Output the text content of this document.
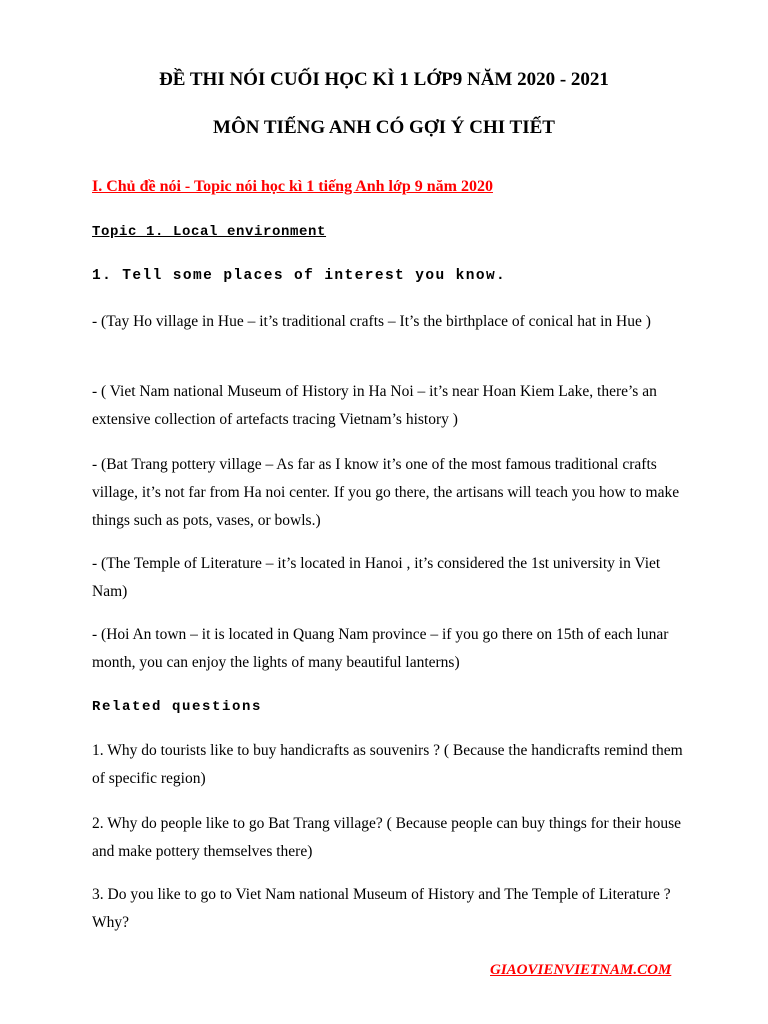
ĐỀ THI NÓI CUỐI HỌC KÌ 1 LỚP9 NĂM 2020 - 2021

MÔN TIẾNG ANH CÓ GỢI Ý CHI TIẾT

I. Chủ đề nói - Topic nói học kì 1 tiếng Anh lớp 9 năm 2020

Topic 1. Local environment

1. Tell some places of interest you know.

- (Tay Ho village in Hue – it’s traditional crafts – It’s the birthplace of conical hat in Hue )

- ( Viet Nam national Museum of History in Ha Noi – it’s near Hoan Kiem Lake, there’s an extensive collection of artefacts tracing Vietnam’s history )

- (Bat Trang pottery village – As far as I know it’s one of the most famous traditional crafts village, it’s not far from Ha noi center. If you go there, the artisans will teach you how to make things such as pots, vases, or bowls.)

- (The Temple of Literature – it’s located in Hanoi , it’s considered the 1st university in Viet Nam)

- (Hoi An town – it is located in Quang Nam province – if you go there on 15th of each lunar month, you can enjoy the lights of many beautiful lanterns)

Related questions

1. Why do tourists like to buy handicrafts as souvenirs ? ( Because the handicrafts remind them of specific region)

2. Why do people like to go Bat Trang village? ( Because people can buy things for their house and make pottery themselves there)

3. Do you like to go to Viet Nam national Museum of History and The Temple of Literature ? Why?

GIAOVIENVIETNAM.COM
